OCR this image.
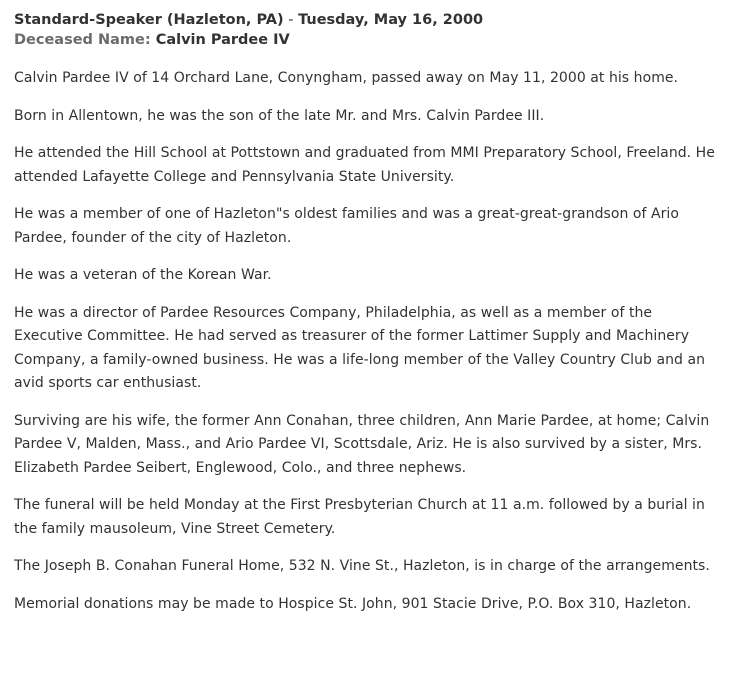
Standard-Speaker (Hazleton, PA) - Tuesday, May 16, 2000

Deceased Name: Calvin Pardee IV

Calvin Pardee IV of 14 Orchard Lane, Conyngham, passed away on May 11, 2000 at his home.

Born in Allentown, he was the son of the late Mr. and Mrs. Calvin Pardee III.

He attended the Hill School at Pottstown and graduated from MMI Preparatory School, Freeland. He attended Lafayette College and Pennsylvania State University.

He was a member of one of Hazleton"s oldest families and was a great-great-grandson of Ario Pardee, founder of the city of Hazleton.

He was a veteran of the Korean War.

He was a director of Pardee Resources Company, Philadelphia, as well as a member of the Executive Committee. He had served as treasurer of the former Lattimer Supply and Machinery Company, a family-owned business. He was a life-long member of the Valley Country Club and an avid sports car enthusiast.

Surviving are his wife, the former Ann Conahan, three children, Ann Marie Pardee, at home; Calvin Pardee V, Malden, Mass., and Ario Pardee VI, Scottsdale, Ariz. He is also survived by a sister, Mrs. Elizabeth Pardee Seibert, Englewood, Colo., and three nephews.

The funeral will be held Monday at the First Presbyterian Church at 11 a.m. followed by a burial in the family mausoleum, Vine Street Cemetery.

The Joseph B. Conahan Funeral Home, 532 N. Vine St., Hazleton, is in charge of the arrangements.

Memorial donations may be made to Hospice St. John, 901 Stacie Drive, P.O. Box 310, Hazleton.
